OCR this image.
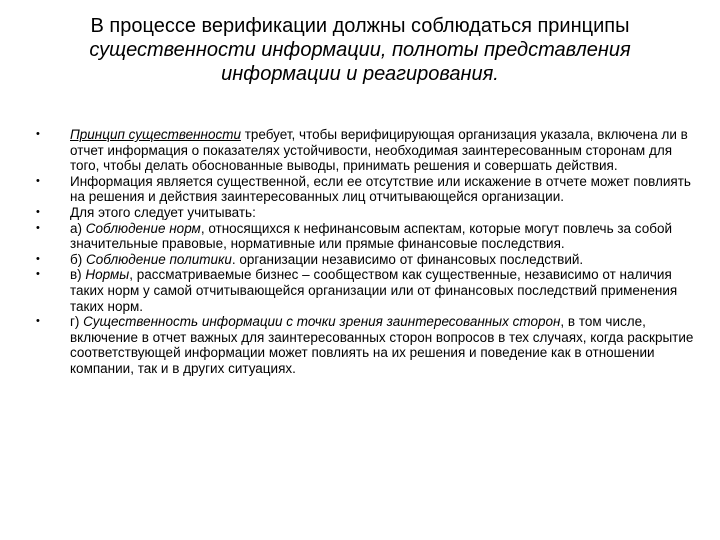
В процессе верификации должны соблюдаться принципы
существенности информации, полноты представления
информации и реагирования.
• Принцип существенности требует, чтобы верифицирующая организация указала, включена ли в отчет информация о показателях устойчивости, необходимая заинтересованным сторонам для того, чтобы делать обоснованные выводы, принимать решения и совершать действия.
• Информация является существенной, если ее отсутствие или искажение в отчете может повлиять на решения и действия заинтересованных лиц отчитывающейся организации.
• Для этого следует учитывать:
• а) Соблюдение норм, относящихся к нефинансовым аспектам, которые могут повлечь за собой значительные правовые, нормативные или прямые финансовые последствия.
• б) Соблюдение политики. организации независимо от финансовых последствий.
• в) Нормы, рассматриваемые бизнес – сообществом как существенные, независимо от наличия таких норм у самой отчитывающейся организации или от финансовых последствий применения таких норм.
• г) Существенность информации с точки зрения заинтересованных сторон, в том числе, включение в отчет важных для заинтересованных сторон вопросов в тех случаях, когда раскрытие соответствующей информации может повлиять на их решения и поведение как в отношении компании, так и в других ситуациях.
